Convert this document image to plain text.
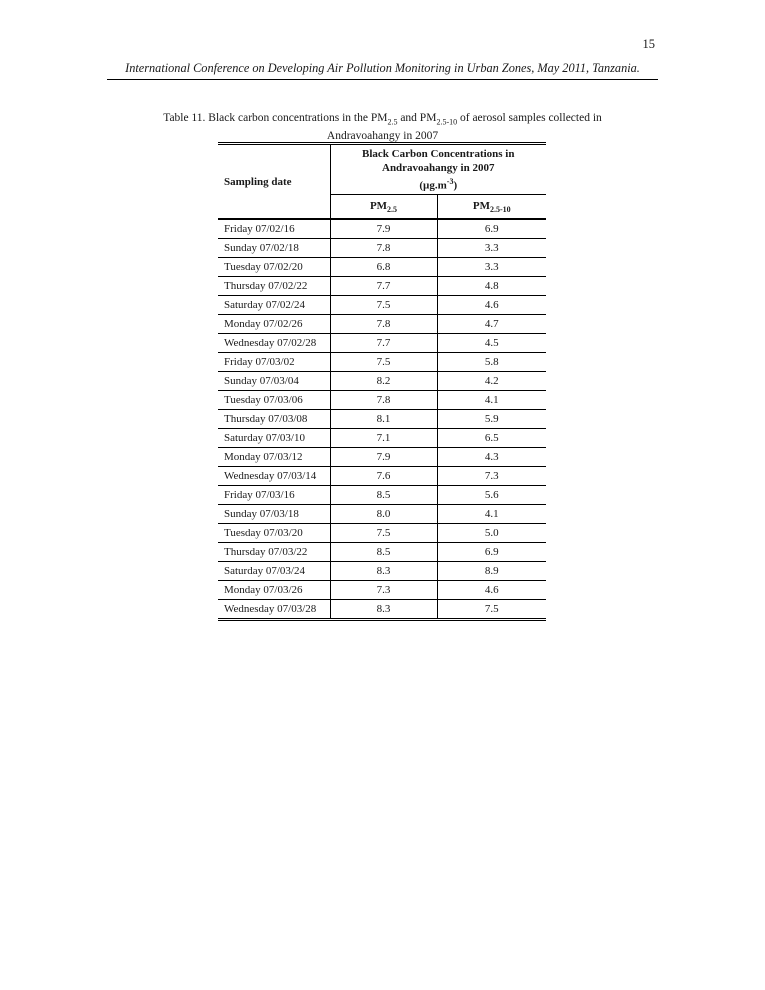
15
International Conference on Developing Air Pollution Monitoring in Urban Zones, May 2011, Tanzania.
Table 11. Black carbon concentrations in the $PM_{2.5}$ and $PM_{2.5-10}$ of aerosol samples collected in
Andravoahangy in 2007
Sampling date	Black Carbon Concentrations in
Andravoahangy in 2007
$(\mu g.m^{-3})$	
	$PM_{2.5}$	$PM_{2.5-10}$
Friday 07/02/16	7.9	6.9
Sunday 07/02/18	7.8	3.3
Tuesday 07/02/20	6.8	3.3
Thursday 07/02/22	7.7	4.8
Saturday 07/02/24	7.5	4.6
Monday 07/02/26	7.8	4.7
Wednesday 07/02/28	7.7	4.5
Friday 07/03/02	7.5	5.8
Sunday 07/03/04	8.2	4.2
Tuesday 07/03/06	7.8	4.1
Thursday 07/03/08	8.1	5.9
Saturday 07/03/10	7.1	6.5
Monday 07/03/12	7.9	4.3
Wednesday 07/03/14	7.6	7.3
Friday 07/03/16	8.5	5.6
Sunday 07/03/18	8.0	4.1
Tuesday 07/03/20	7.5	5.0
Thursday 07/03/22	8.5	6.9
Saturday 07/03/24	8.3	8.9
Monday 07/03/26	7.3	4.6
Wednesday 07/03/28	8.3	7.5
